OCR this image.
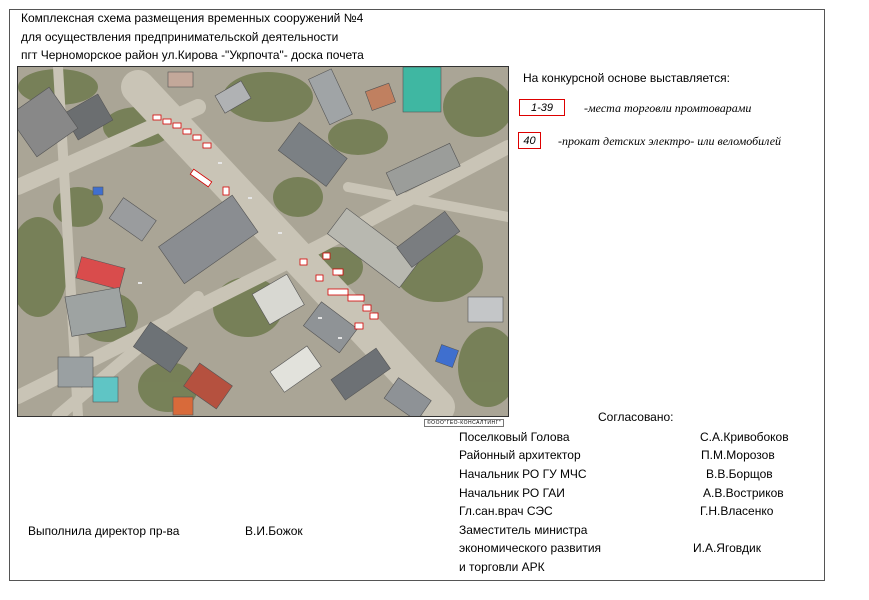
Комплексная схема размещения временных сооружений №4
для осуществления предпринимательской деятельности
пгт Черноморское район ул.Кирова -"Укрпочта"- доска почета
©ООО"ГЕО-КОНСАЛТИНГ"
На конкурсной основе выставляется:
1-39	-места торговли промтоварами
40	-прокат детских электро- или веломобилей
Согласовано:
Поселковый Голова	С.А.Кривобоков
Районный архитектор	П.М.Морозов
Начальник РО ГУ МЧС	В.В.Борщов
Начальник РО ГАИ	А.В.Востриков
Гл.сан.врач СЭС	Г.Н.Власенко
Заместитель министра
экономического развития	И.А.Яговдик
и торговли АРК
Выполнила директор пр-ва	В.И.Божок
